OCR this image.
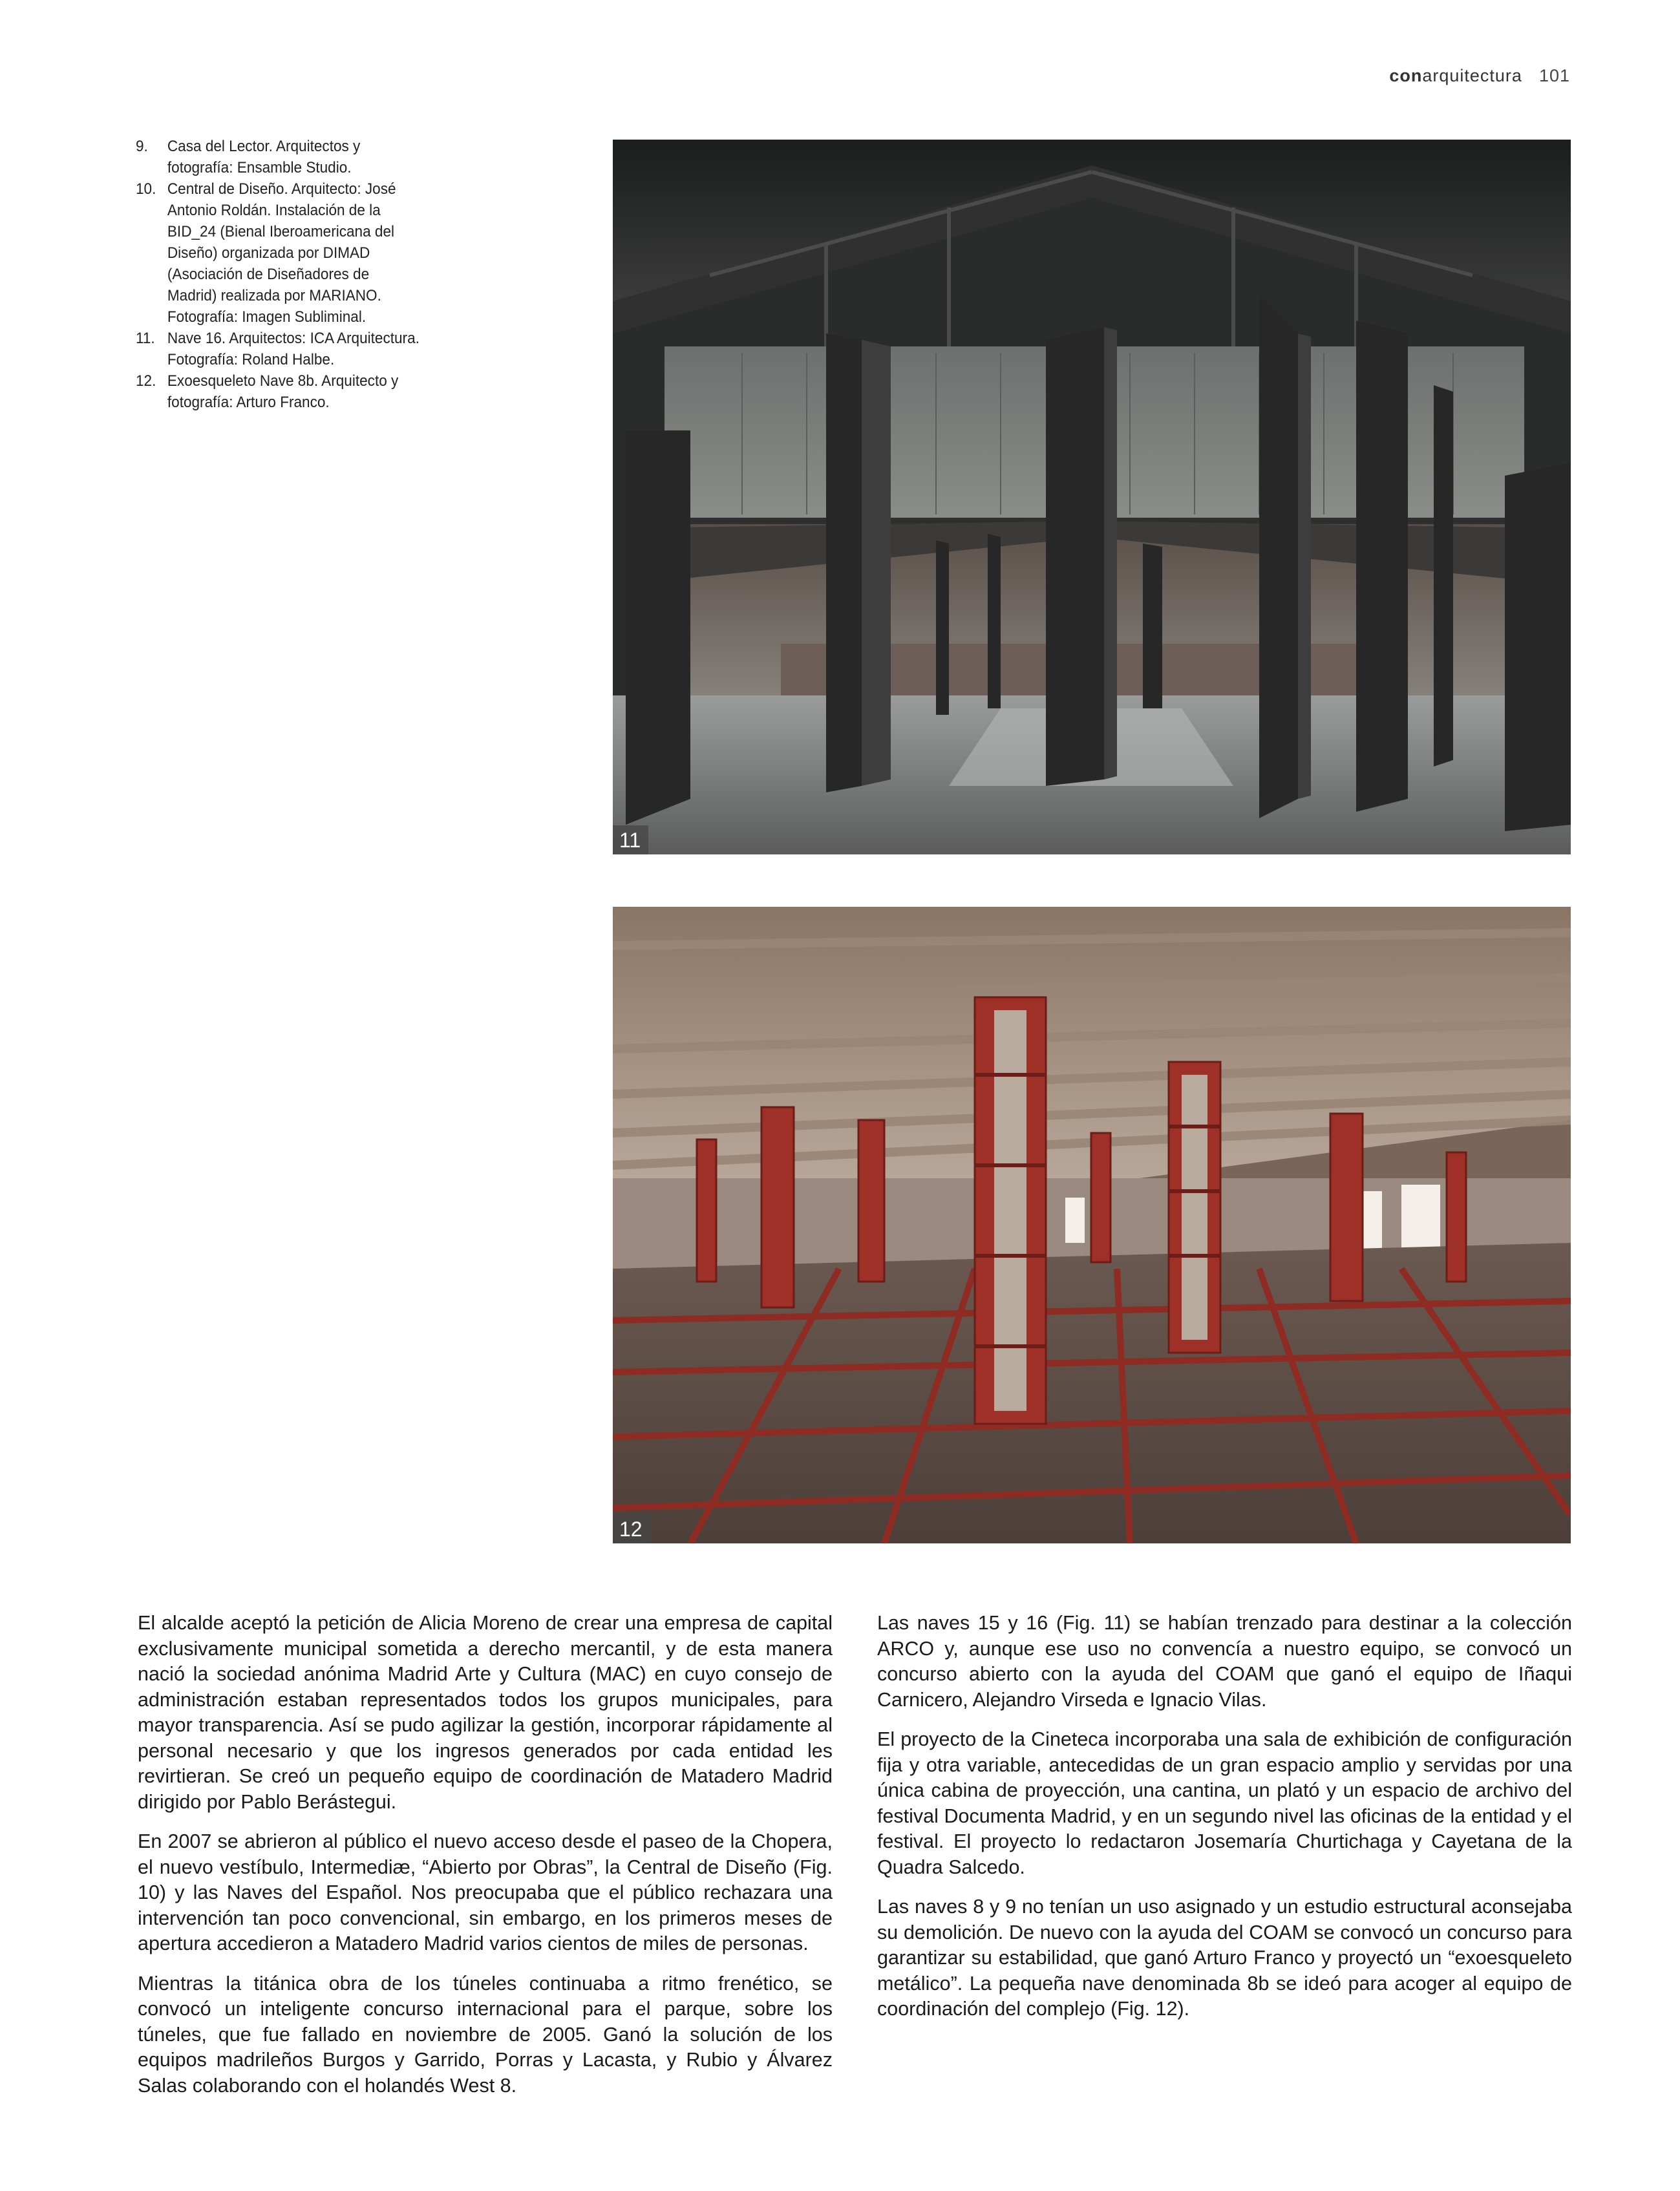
conarquitectura 101
9.	Casa del Lector. Arquitectos y fotografía: Ensamble Studio.
10. Central de Diseño. Arquitecto: José Antonio Roldán. Instalación de la BID_24 (Bienal Iberoamericana del Diseño) organizada por DIMAD (Asociación de Diseñadores de Madrid) realizada por MARIANO. Fotografía: Imagen Subliminal.
11. Nave 16. Arquitectos: ICA Arquitectura. Fotografía: Roland Halbe.
12. Exoesqueleto Nave 8b. Arquitecto y fotografía: Arturo Franco.
11
12

El alcalde aceptó la petición de Alicia Moreno de crear una empresa de capital exclusivamente municipal sometida a derecho mercantil, y de esta manera nació la sociedad anónima Madrid Arte y Cultura (MAC) en cuyo consejo de administración estaban representados todos los grupos municipales, para mayor transparencia. Así se pudo agilizar la gestión, incorporar rápidamente al personal necesario y que los ingresos generados por cada entidad les revirtieran. Se creó un pequeño equipo de coordinación de Matadero Madrid dirigido por Pablo Berástegui.

En 2007 se abrieron al público el nuevo acceso desde el paseo de la Chopera, el nuevo vestíbulo, Intermediæ, “Abierto por Obras”, la Central de Diseño (Fig. 10) y las Naves del Español. Nos preocupaba que el público rechazara una intervención tan poco convencional, sin embargo, en los primeros meses de apertura accedieron a Matadero Madrid varios cientos de miles de personas.

Mientras la titánica obra de los túneles continuaba a ritmo frenético, se convocó un inteligente concurso internacional para el parque, sobre los túneles, que fue fallado en noviembre de 2005. Ganó la solución de los equipos madrileños Burgos y Garrido, Porras y Lacasta, y Rubio y Álvarez Salas colaborando con el holandés West 8.

Las naves 15 y 16 (Fig. 11) se habían trenzado para destinar a la colección ARCO y, aunque ese uso no convencía a nuestro equipo, se convocó un concurso abierto con la ayuda del COAM que ganó el equipo de Iñaqui Carnicero, Alejandro Virseda e Ignacio Vilas.

El proyecto de la Cineteca incorporaba una sala de exhibición de configuración fija y otra variable, antecedidas de un gran espacio amplio y servidas por una única cabina de proyección, una cantina, un plató y un espacio de archivo del festival Documenta Madrid, y en un segundo nivel las oficinas de la entidad y el festival. El proyecto lo redactaron Josemaría Churtichaga y Cayetana de la Quadra Salcedo.

Las naves 8 y 9 no tenían un uso asignado y un estudio estructural aconsejaba su demolición. De nuevo con la ayuda del COAM se convocó un concurso para garantizar su estabilidad, que ganó Arturo Franco y proyectó un “exoesqueleto metálico”. La pequeña nave denominada 8b se ideó para acoger al equipo de coordinación del complejo (Fig. 12).
